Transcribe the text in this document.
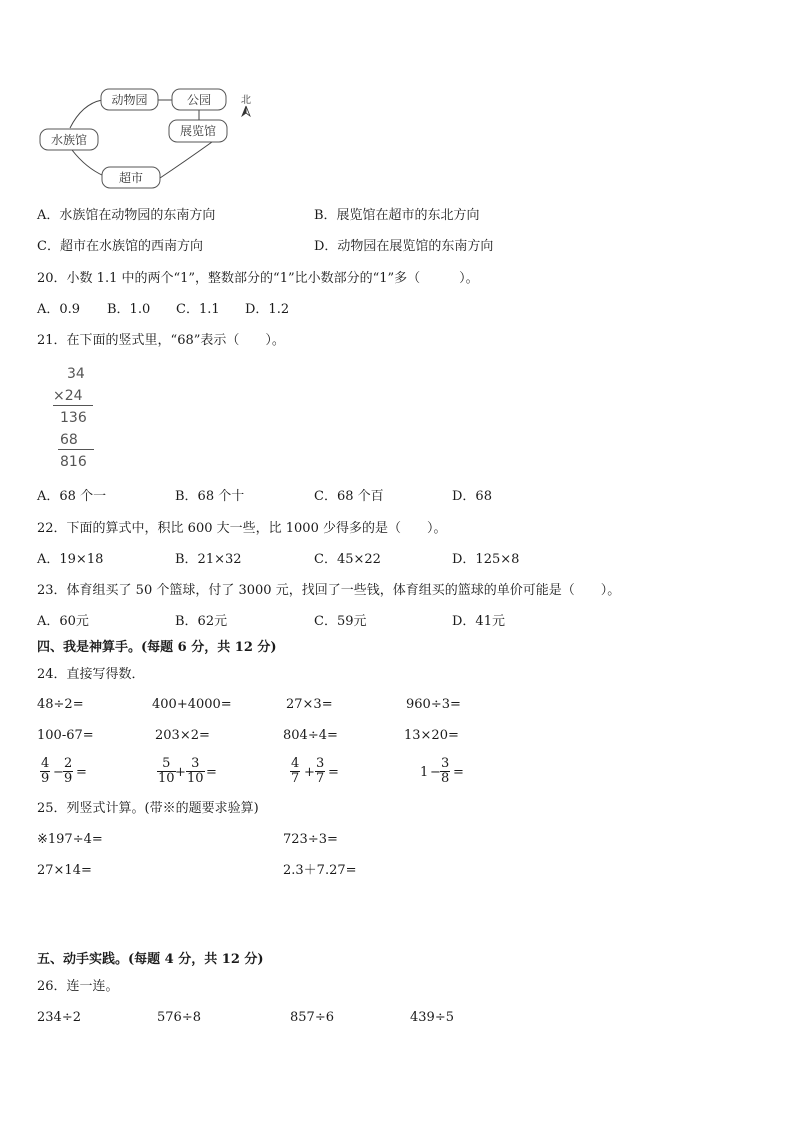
动物园	公园
水族馆
展览馆
超市
北
A．水族馆在动物园的东南方向	B．展览馆在超市的东北方向
C．超市在水族馆的西南方向	D．动物园在展览馆的东南方向
20．小数 1.1 中的两个“1”，整数部分的“1”比小数部分的“1”多（　　　）。
A．0.9 B．1.0 C．1.1 D．1.2
21．在下面的竖式里，“68”表示（　　）。
34
×24
136
68
816
A．68 个一	B．68 个十	C．68 个百	D．68
22．下面的算式中，积比 600 大一些，比 1000 少得多的是（　　）。
A．19×18	B．21×32	C．45×22	D．125×8
23．体育组买了 50 个篮球，付了 3000 元，找回了一些钱，体育组买的篮球的单价可能是（　　）。
A．60元	B．62元	C．59元	D．41元
四、我是神算手。(每题 6 分，共 12 分)
24．直接写得数．
48÷2=	400+4000=	27×3=	960÷3=
100-67=	203×2=	804÷4=	13×20=
$\frac{4}{9} - \frac{2}{9}$ =	$\frac{5}{10} + \frac{3}{10}$ =	$\frac{4}{7} + \frac{3}{7}$ =	$1 - \frac{3}{8}$ =
25．列竖式计算。(带※的题要求验算)
※197÷4=	723÷3=
27×14=	2.3＋7.27=
五、动手实践。(每题 4 分，共 12 分)
26．连一连。
234÷2	576÷8	857÷6	439÷5
